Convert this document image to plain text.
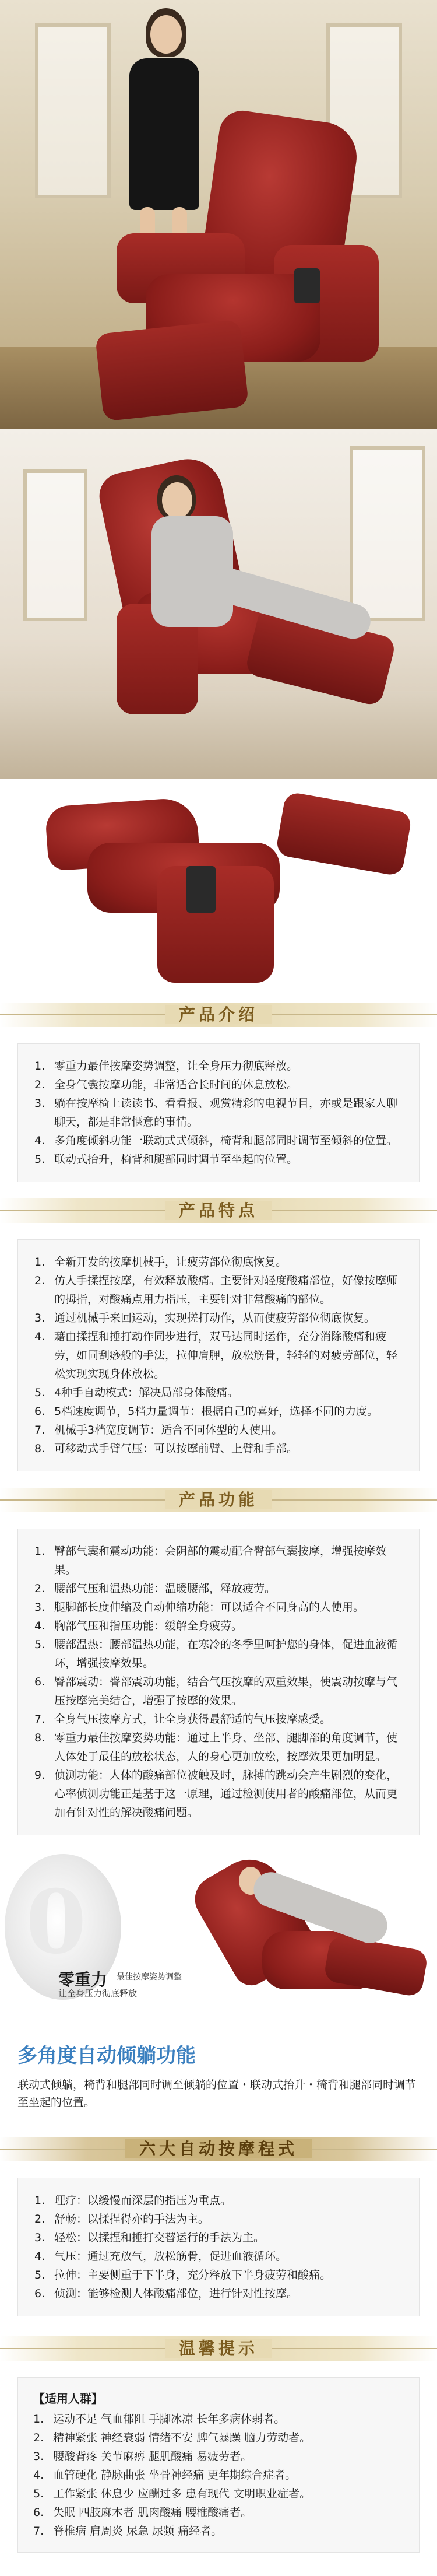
产品介绍
1. 零重力最佳按摩姿势调整，让全身压力彻底释放。
2. 全身气囊按摩功能，非常适合长时间的休息放松。
3. 躺在按摩椅上读读书、看看报、观赏精彩的电视节目，亦或是跟家人聊聊天，都是非常惬意的事情。
4. 多角度倾斜功能一联动式式倾斜，椅背和腿部同时调节至倾斜的位置。
5. 联动式抬升，椅背和腿部同时调节至坐起的位置。
产品特点
1. 全新开发的按摩机械手，让疲劳部位彻底恢复。
2. 仿人手揉捏按摩，有效释放酸痛。主要针对轻度酸痛部位，好像按摩师的拇指，对酸痛点用力指压，主要针对非常酸痛的部位。
3. 通过机械手来回运动，实现搓打动作，从而使疲劳部位彻底恢复。
4. 藉由揉捏和捶打动作同步进行，双马达同时运作，充分消除酸痛和疲劳，如同刮痧般的手法，拉伸肩胛，放松筋骨，轻轻的对疲劳部位，轻松实现实现身体放松。
5. 4种手自动模式：解决局部身体酸痛。
6. 5档速度调节，5档力量调节：根据自己的喜好，选择不同的力度。
7. 机械手3档宽度调节：适合不同体型的人使用。
8. 可移动式手臂气压：可以按摩前臂、上臂和手部。
产品功能
1. 臀部气囊和震动功能：会阴部的震动配合臀部气囊按摩，增强按摩效果。
2. 腰部气压和温热功能：温暖腰部，释放疲劳。
3. 腿脚部长度伸缩及自动伸缩功能：可以适合不同身高的人使用。
4. 胸部气压和指压功能：缓解全身疲劳。
5. 腰部温热：腰部温热功能，在寒冷的冬季里呵护您的身体，促进血液循环，增强按摩效果。
6. 臀部震动：臀部震动功能，结合气压按摩的双重效果，使震动按摩与气压按摩完美结合，增强了按摩的效果。
7. 全身气压按摩方式，让全身获得最舒适的气压按摩感受。
8. 零重力最佳按摩姿势功能：通过上半身、坐部、腿脚部的角度调节，使人体处于最佳的放松状态，人的身心更加放松，按摩效果更加明显。
9. 侦测功能：人体的酸痛部位被触及时，脉搏的跳动会产生剧烈的变化，心率侦测功能正是基于这一原理，通过检测使用者的酸痛部位，从而更加有针对性的解决酸痛问题。
0
零重力 最佳按摩姿势调整
让全身压力彻底释放
多角度自动倾躺功能
联动式倾躺，椅背和腿部同时调至倾躺的位置・联动式抬升・椅背和腿部同时调节至坐起的位置。
六大自动按摩程式
1. 理疗：以缓慢而深层的指压为重点。
2. 舒畅：以揉捏得亦的手法为主。
3. 轻松：以揉捏和捶打交替运行的手法为主。
4. 气压：通过充放气，放松筋骨，促进血液循环。
5. 拉伸：主要侧重于下半身，充分释放下半身疲劳和酸痛。
6. 侦测：能够检测人体酸痛部位，进行针对性按摩。
温馨提示
【适用人群】
1. 运动不足 气血郁阻 手脚冰凉 长年多病体弱者。
2. 精神紧张 神经衰弱 情绪不安 脾气暴躁 脑力劳动者。
3. 腰酸背疼 关节麻痹 腿肌酸痛 易疲劳者。
4. 血管硬化 静脉曲张 坐骨神经痛 更年期综合症者。
5. 工作紧张 休息少 应酬过多 患有现代 文明职业症者。
6. 失眠 四肢麻木者 肌肉酸痛 腰椎酸痛者。
7. 脊椎病 肩周炎 尿急 尿频 痛经者。
